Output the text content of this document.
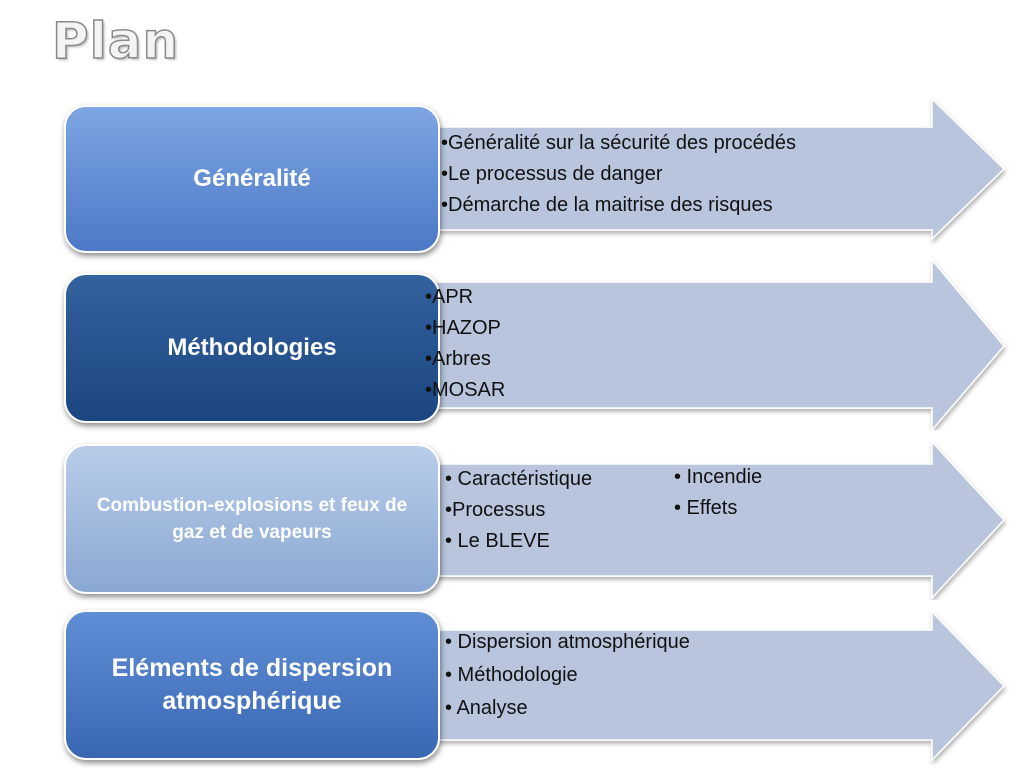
Plan
Généralité
•Généralité sur la sécurité des procédés
•Le processus de danger
•Démarche de la maitrise des risques
Méthodologies
•APR
•HAZOP
•Arbres
•MOSAR
Combustion-explosions et feux de gaz et de vapeurs
• Caractéristique
•Processus
• Le BLEVE
• Incendie
• Effets
Eléments de dispersion atmosphérique
• Dispersion atmosphérique
• Méthodologie
• Analyse
